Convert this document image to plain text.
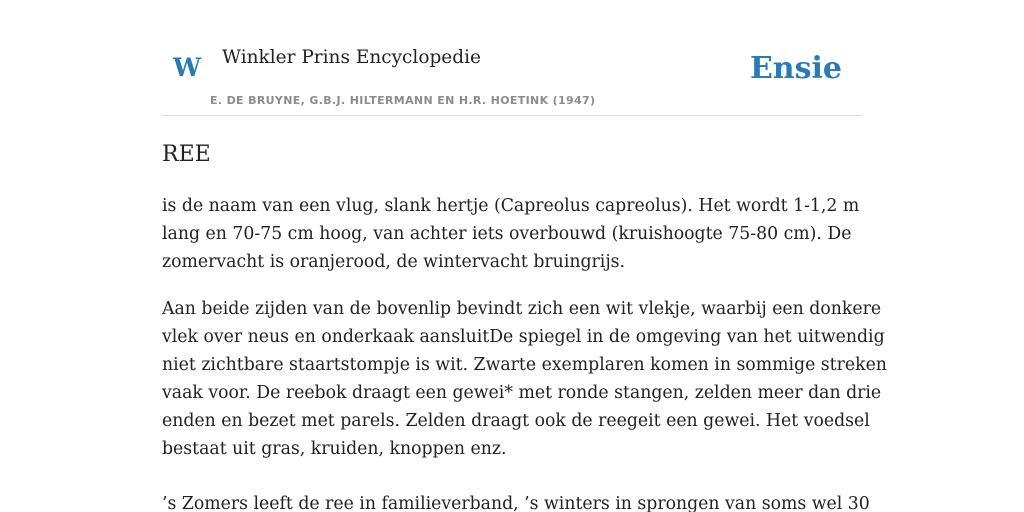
W Winkler Prins Encyclopedie	Ensie
E. DE BRUYNE, G.B.J. HILTERMANN EN H.R. HOETINK (1947)
REE

is de naam van een vlug, slank hertje (Capreolus capreolus). Het wordt 1-1,2 m
lang en 70-75 cm hoog, van achter iets overbouwd (kruishoogte 75-80 cm). De
zomervacht is oranjerood, de wintervacht bruingrijs.

Aan beide zijden van de bovenlip bevindt zich een wit vlekje, waarbij een donkere
vlek over neus en onderkaak aansluitDe spiegel in de omgeving van het uitwendig
niet zichtbare staartstompje is wit. Zwarte exemplaren komen in sommige streken
vaak voor. De reebok draagt een gewei* met ronde stangen, zelden meer dan drie
enden en bezet met parels. Zelden draagt ook de reegeit een gewei. Het voedsel
bestaat uit gras, kruiden, knoppen enz.

’s Zomers leeft de ree in familieverband, ’s winters in sprongen van soms wel 30
